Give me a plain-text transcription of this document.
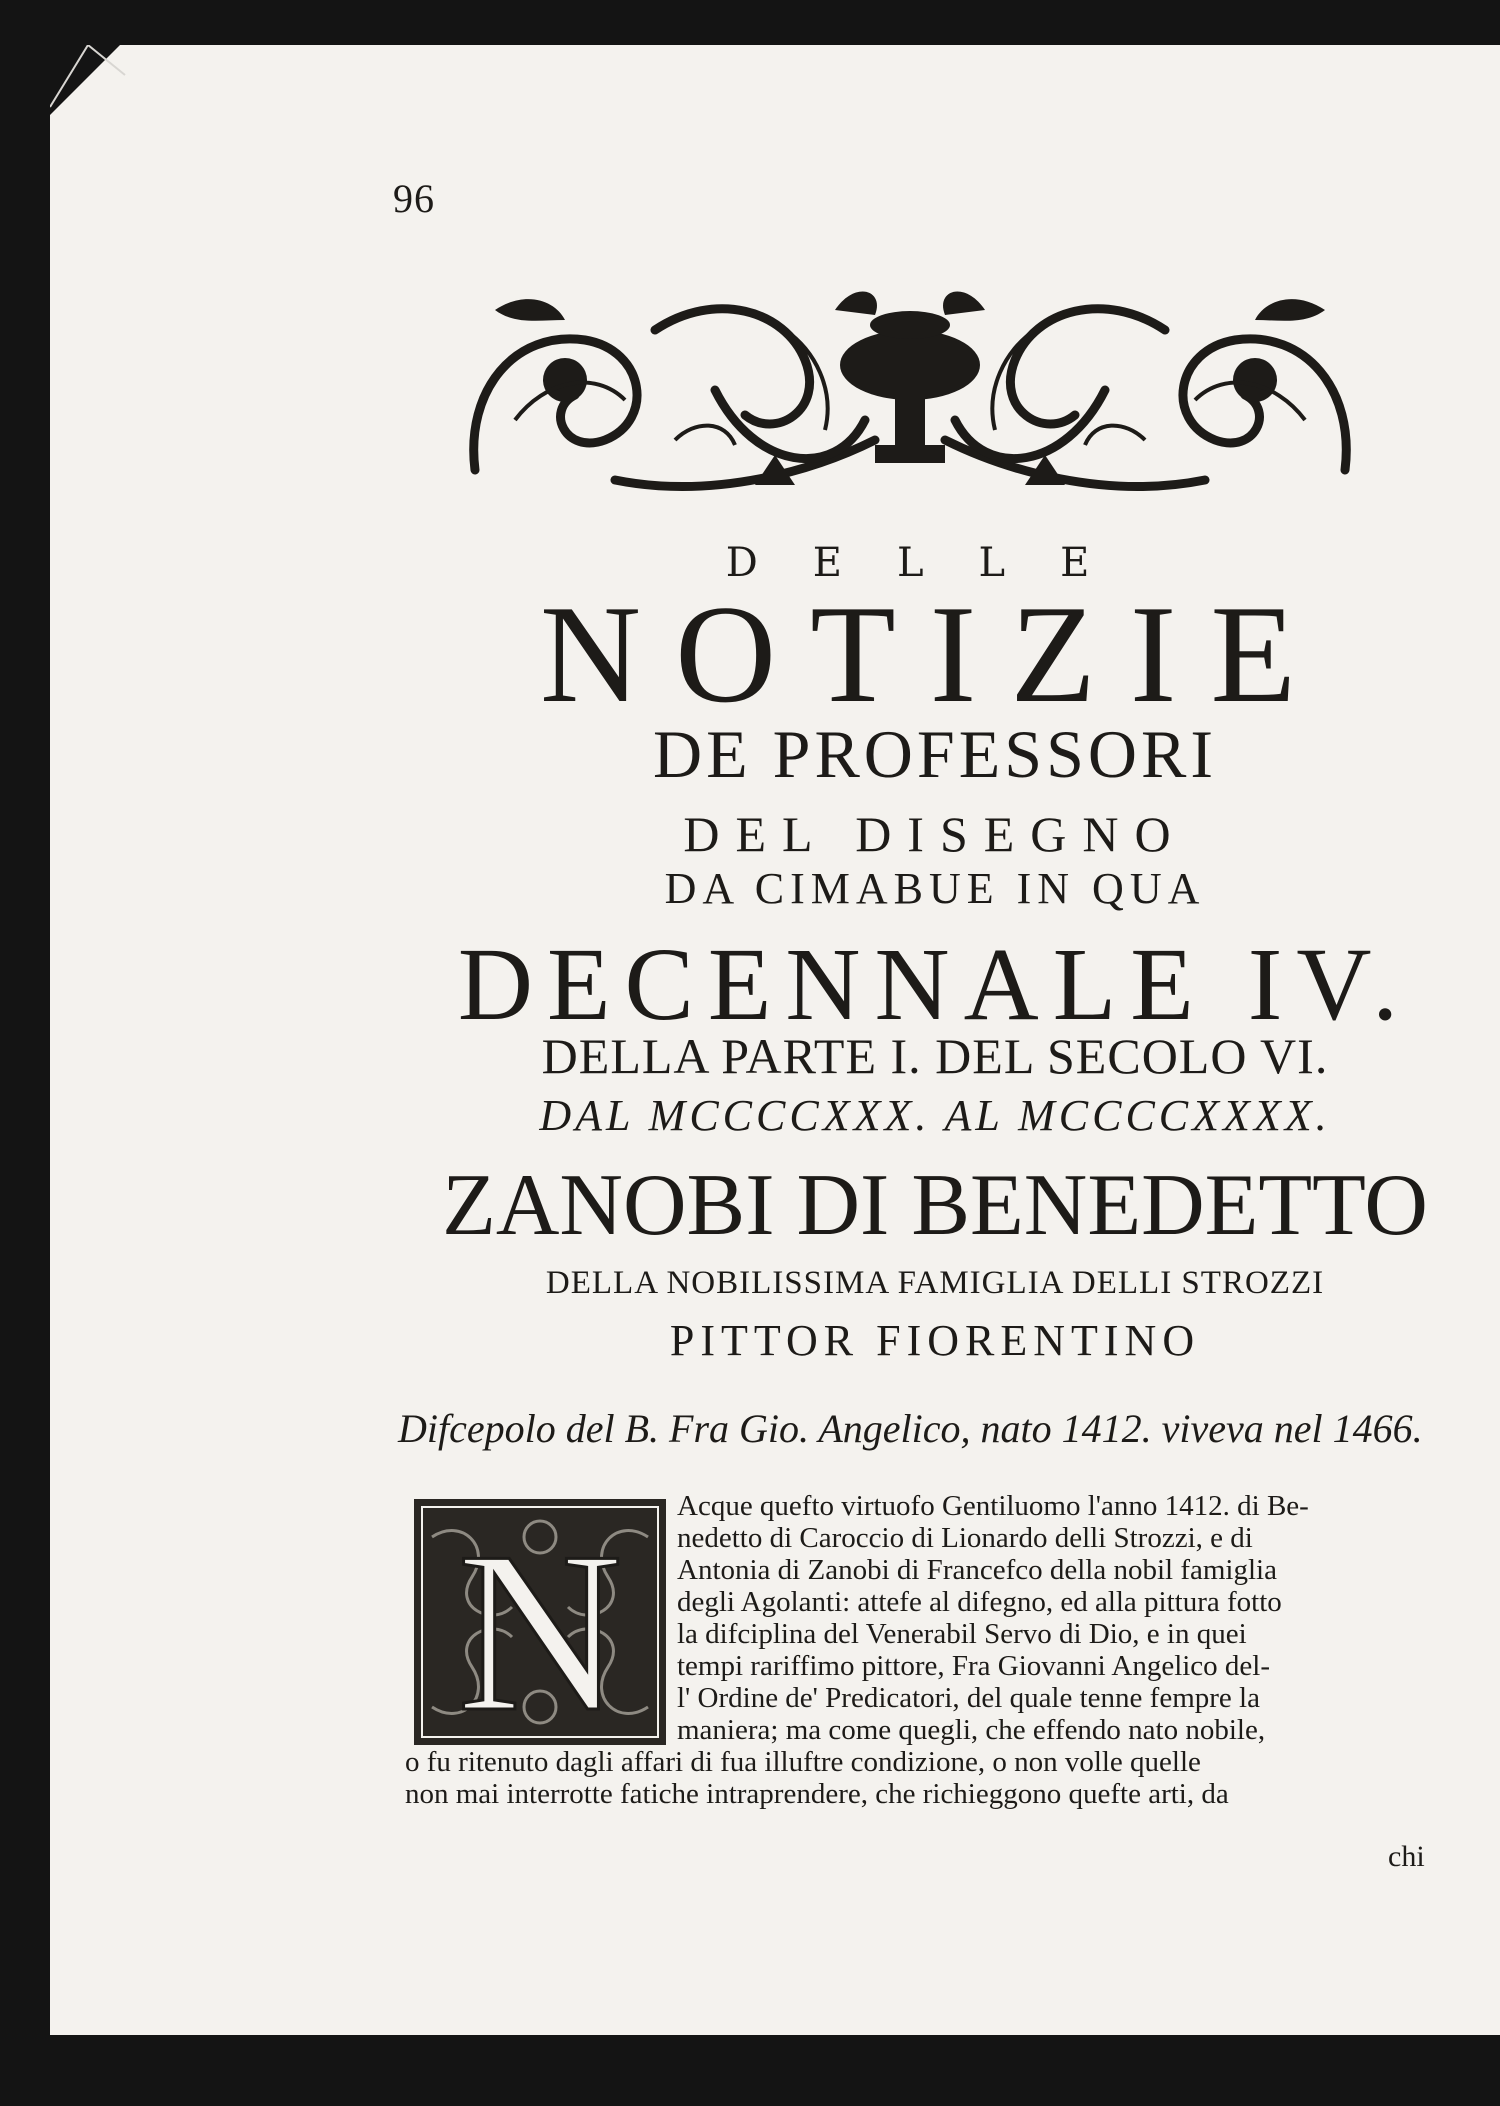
96
DELLE
NOTIZIE
DE PROFESSORI
DEL DISEGNO
DA CIMABUE IN QUA
DECENNALE IV.
DELLA PARTE I. DEL SECOLO VI.
DAL MCCCCXXX. AL MCCCCXXXX.
ZANOBI DI BENEDETTO
DELLA NOBILISSIMA FAMIGLIA DELLI STROZZI
PITTOR FIORENTINO
Difcepolo del B. Fra Gio. Angelico, nato 1412. viveva nel 1466.
N	Acque quefto virtuofo Gentiluomo l'anno 1412. di Be-
nedetto di Caroccio di Lionardo delli Strozzi, e di
Antonia di Zanobi di Francefco della nobil famiglia
degli Agolanti: attefe al difegno, ed alla pittura fotto
la difciplina del Venerabil Servo di Dio, e in quei
tempi rariffimo pittore, Fra Giovanni Angelico del-
l' Ordine de' Predicatori, del quale tenne fempre la
maniera; ma come quegli, che effendo nato nobile,
o fu ritenuto dagli affari di fua illuftre condizione, o non volle quelle
non mai interrotte fatiche intraprendere, che richieggono quefte arti, da
chi
